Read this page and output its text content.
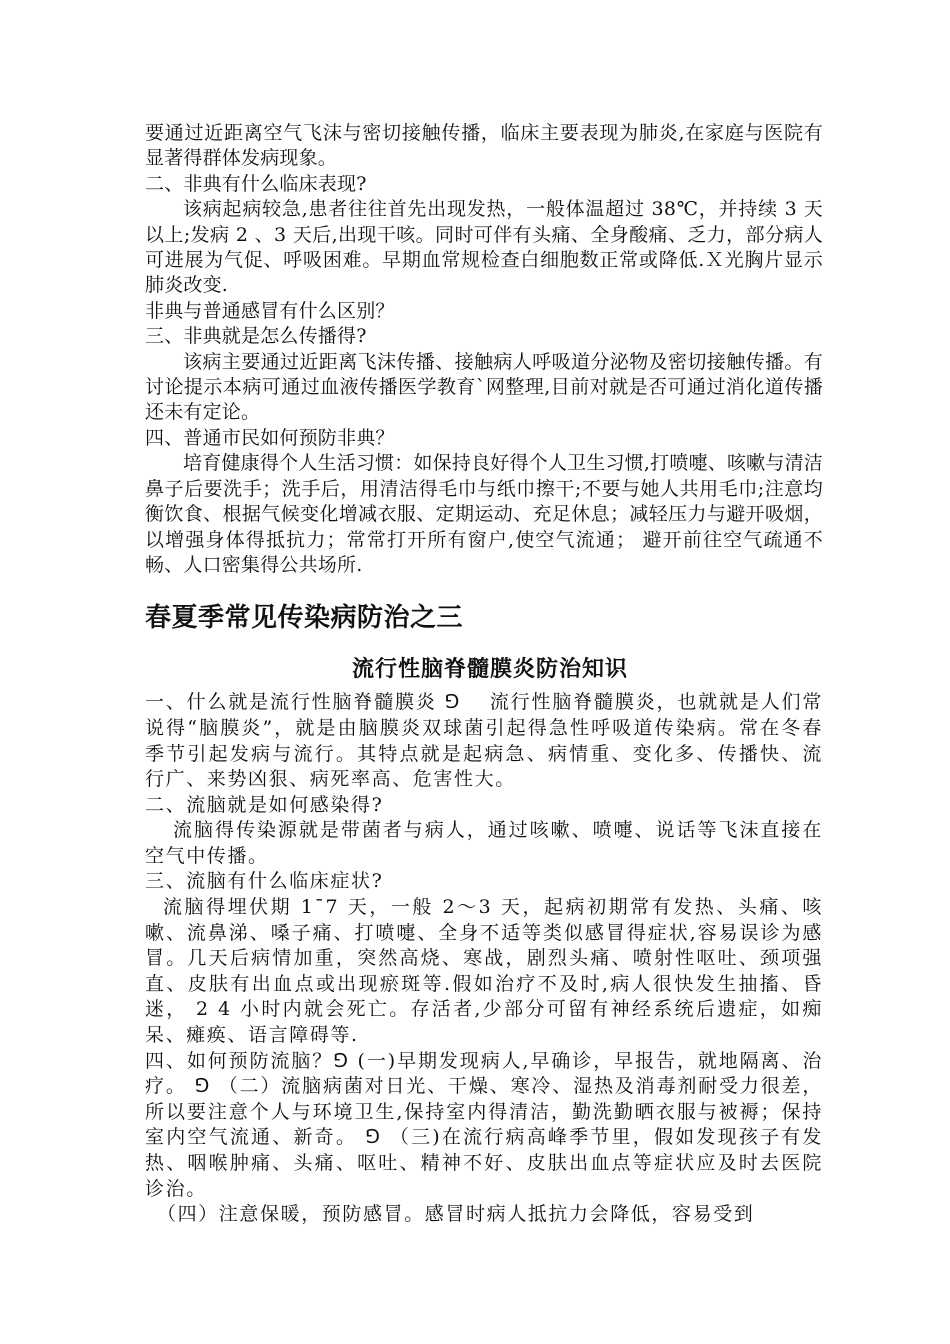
要通过近距离空气飞沫与密切接触传播，临床主要表现为肺炎,在家庭与医院有显著得群体发病现象。

二、非典有什么临床表现?

该病起病较急,患者往往首先出现发热，一般体温超过 38℃，并持续 3 天以上;发病 2 、3 天后,出现干咳。同时可伴有头痛、全身酸痛、乏力，部分病人可进展为气促、呼吸困难。早期血常规检查白细胞数正常或降低.Ｘ光胸片显示肺炎改变.

非典与普通感冒有什么区别？

三、非典就是怎么传播得?

该病主要通过近距离飞沫传播、接触病人呼吸道分泌物及密切接触传播。有讨论提示本病可通过血液传播医学教育`网整理,目前对就是否可通过消化道传播还未有定论。

四、普通市民如何预防非典？

培育健康得个人生活习惯：如保持良好得个人卫生习惯,打喷嚏、咳嗽与清洁鼻子后要洗手；洗手后，用清洁得毛巾与纸巾擦干;不要与她人共用毛巾;注意均衡饮食、根据气候变化增减衣服、定期运动、充足休息；减轻压力与避开吸烟，以增强身体得抵抗力；常常打开所有窗户,使空气流通； 避开前往空气疏通不畅、人口密集得公共场所.

春夏季常见传染病防治之三
流行性脑脊髓膜炎防治知识

一、什么就是流行性脑脊髓膜炎 ⅁　 流行性脑脊髓膜炎，也就就是人们常说得“脑膜炎”，就是由脑膜炎双球菌引起得急性呼吸道传染病。常在冬春季节引起发病与流行。其特点就是起病急、病情重、变化多、传播快、流行广、来势凶狠、病死率高、危害性大。

二、流脑就是如何感染得?

流脑得传染源就是带菌者与病人，通过咳嗽、喷嚏、说话等飞沫直接在空气中传播。

三、流脑有什么临床症状?

流脑得埋伏期 1¯7 天，一般 2～3 天，起病初期常有发热、头痛、咳嗽、流鼻涕、嗓子痛、打喷嚏、全身不适等类似感冒得症状,容易误诊为感冒。几天后病情加重，突然高烧、寒战，剧烈头痛、喷射性呕吐、颈项强直、皮肤有出血点或出现瘀斑等.假如治疗不及时,病人很快发生抽搐、昏迷， 2 4 小时内就会死亡。存活者,少部分可留有神经系统后遗症，如痴呆、瘫痪、语言障碍等.

四、如何预防流脑？⅁ (一)早期发现病人,早确诊，早报告，就地隔离、治疗。 ⅁ （二）流脑病菌对日光、干燥、寒冷、湿热及消毒剂耐受力很差，所以要注意个人与环境卫生,保持室内得清洁，勤洗勤晒衣服与被褥；保持室内空气流通、新奇。 ⅁ （三)在流行病高峰季节里，假如发现孩子有发热、咽喉肿痛、头痛、呕吐、精神不好、皮肤出血点等症状应及时去医院诊治。

（四）注意保暖，预防感冒。感冒时病人抵抗力会降低，容易受到
